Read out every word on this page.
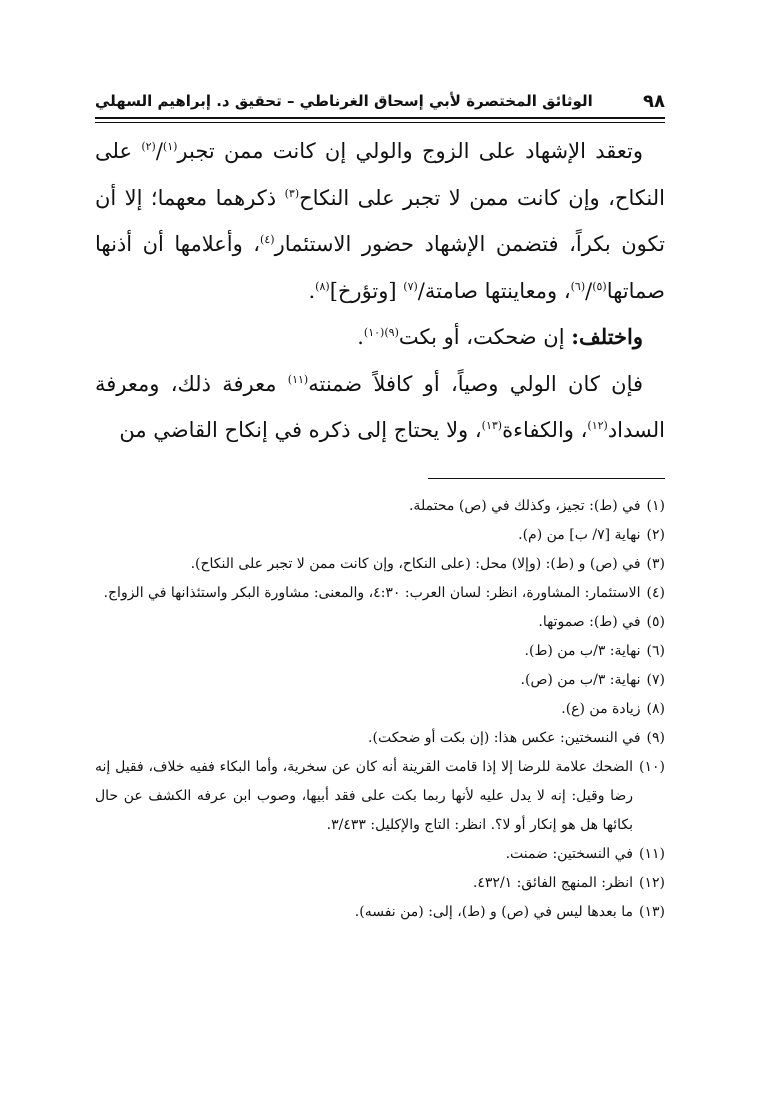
٩٨
الوثائق المختصرة لأبي إسحاق الغرناطي – تحقيق د. إبراهيم السهلي

وتعقد الإشهاد على الزوج والولي إن كانت ممن تجبر$^{(١)}$/$^{(٢)}$ على النكاح، وإن كانت ممن لا تجبر على النكاح$^{(٣)}$ ذكرهما معهما؛ إلا أن تكون بكراً، فتضمن الإشهاد حضور الاستئمار$^{(٤)}$، وأعلامها أن أذنها صماتها$^{(٥)}$/$^{(٦)}$، ومعاينتها صامتة/$^{(٧)}$ [وتؤرخ]$^{(٨)}$.

واختلف: إن ضحكت، أو بكت$^{(٩)(١٠)}$.

فإن كان الولي وصياً، أو كافلاً ضمنته$^{(١١)}$ معرفة ذلك، ومعرفة السداد$^{(١٢)}$، والكفاءة$^{(١٣)}$، ولا يحتاج إلى ذكره في إنكاح القاضي من

(١)
في (ط): تجيز، وكذلك في (ص) محتملة.
(٢)
نهاية [٧/ ب] من (م).
(٣)
في (ص) و (ط): (وإلا) محل: (على النكاح، وإن كانت ممن لا تجبر على النكاح).
(٤)
الاستئمار: المشاورة، انظر: لسان العرب: ٤:٣٠، والمعنى: مشاورة البكر واستئذانها في الزواج.
(٥)
في (ط): صموتها.
(٦)
نهاية: ٣/ب من (ط).
(٧)
نهاية: ٣/ب من (ص).
(٨)
زيادة من (ع).
(٩)
في النسختين: عكس هذا: (إن بكت أو ضحكت).
(١٠)
الضحك علامة للرضا إلا إذا قامت القرينة أنه كان عن سخرية، وأما البكاء ففيه خلاف، فقيل إنه رضا وقيل: إنه لا يدل عليه لأنها ربما بكت على فقد أبيها، وصوب ابن عرفه الكشف عن حال بكائها هل هو إنكار أو لا؟. انظر: التاج والإكليل: ٣/٤٣٣.
(١١)
في النسختين: ضمنت.
(١٢)
انظر: المنهج الفائق: ٤٣٢/١.
(١٣)
ما بعدها ليس في (ص) و (ط)، إلى: (من نفسه).
